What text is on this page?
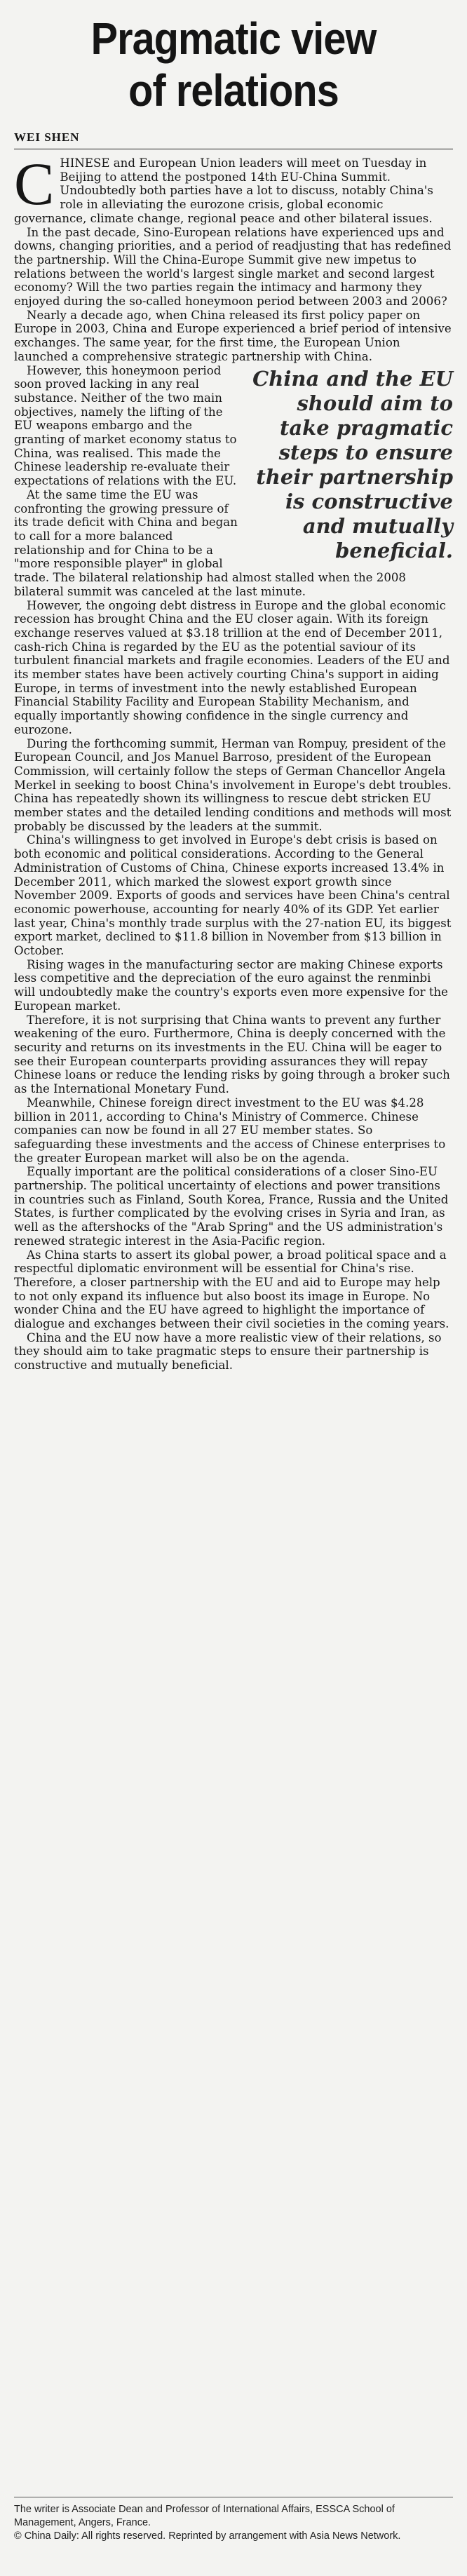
Pragmatic view
of relations
WEI SHEN

CHINESE and European Union leaders will meet on Tuesday in Beijing to attend the postponed 14th EU-China Summit. Undoubtedly both parties have a lot to discuss, notably China's role in alleviating the eurozone crisis, global economic governance, climate change, regional peace and other bilateral issues.

In the past decade, Sino-European relations have experienced ups and downs, changing priorities, and a period of readjusting that has redefined the partnership. Will the China-Europe Summit give new impetus to relations between the world's largest single market and second largest economy? Will the two parties regain the intimacy and harmony they enjoyed during the so-called honeymoon period between 2003 and 2006?

Nearly a decade ago, when China released its first policy paper on Europe in 2003, China and Europe experienced a brief period of intensive exchanges. The same year, for the first time, the European Union launched a comprehensive strategic partnership with China.

China and the EU should aim to take pragmatic steps to ensure their partnership is constructive and mutually beneficial.

However, this honeymoon period soon proved lacking in any real substance. Neither of the two main objectives, namely the lifting of the EU weapons embargo and the granting of market economy status to China, was realised. This made the Chinese leadership re-evaluate their expectations of relations with the EU.

At the same time the EU was confronting the growing pressure of its trade deficit with China and began to call for a more balanced relationship and for China to be a "more responsible player" in global trade. The bilateral relationship had almost stalled when the 2008 bilateral summit was canceled at the last minute.

However, the ongoing debt distress in Europe and the global economic recession has brought China and the EU closer again. With its foreign exchange reserves valued at $3.18 trillion at the end of December 2011, cash-rich China is regarded by the EU as the potential saviour of its turbulent financial markets and fragile economies. Leaders of the EU and its member states have been actively courting China's support in aiding Europe, in terms of investment into the newly established European Financial Stability Facility and European Stability Mechanism, and equally importantly showing confidence in the single currency and eurozone.

During the forthcoming summit, Herman van Rompuy, president of the European Council, and Jos Manuel Barroso, president of the European Commission, will certainly follow the steps of German Chancellor Angela Merkel in seeking to boost China's involvement in Europe's debt troubles. China has repeatedly shown its willingness to rescue debt stricken EU member states and the detailed lending conditions and methods will most probably be discussed by the leaders at the summit.

China's willingness to get involved in Europe's debt crisis is based on both economic and political considerations. According to the General Administration of Customs of China, Chinese exports increased 13.4% in December 2011, which marked the slowest export growth since November 2009. Exports of goods and services have been China's central economic powerhouse, accounting for nearly 40% of its GDP. Yet earlier last year, China's monthly trade surplus with the 27-nation EU, its biggest export market, declined to $11.8 billion in November from $13 billion in October.

Rising wages in the manufacturing sector are making Chinese exports less competitive and the depreciation of the euro against the renminbi will undoubtedly make the country's exports even more expensive for the European market.

Therefore, it is not surprising that China wants to prevent any further weakening of the euro. Furthermore, China is deeply concerned with the security and returns on its investments in the EU. China will be eager to see their European counterparts providing assurances they will repay Chinese loans or reduce the lending risks by going through a broker such as the International Monetary Fund.

Meanwhile, Chinese foreign direct investment to the EU was $4.28 billion in 2011, according to China's Ministry of Commerce. Chinese companies can now be found in all 27 EU member states. So safeguarding these investments and the access of Chinese enterprises to the greater European market will also be on the agenda.

Equally important are the political considerations of a closer Sino-EU partnership. The political uncertainty of elections and power transitions in countries such as Finland, South Korea, France, Russia and the United States, is further complicated by the evolving crises in Syria and Iran, as well as the aftershocks of the "Arab Spring" and the US administration's renewed strategic interest in the Asia-Pacific region.

As China starts to assert its global power, a broad political space and a respectful diplomatic environment will be essential for China's rise. Therefore, a closer partnership with the EU and aid to Europe may help to not only expand its influence but also boost its image in Europe. No wonder China and the EU have agreed to highlight the importance of dialogue and exchanges between their civil societies in the coming years.

China and the EU now have a more realistic view of their relations, so they should aim to take pragmatic steps to ensure their partnership is constructive and mutually beneficial.

The writer is Associate Dean and Professor of International Affairs, ESSCA School of Management, Angers, France.
© China Daily: All rights reserved. Reprinted by arrangement with Asia News Network.
